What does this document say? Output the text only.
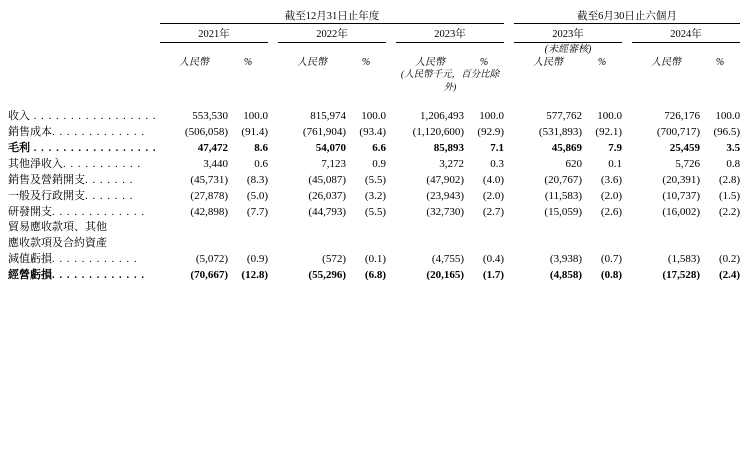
	截至12月31日止年度									截至6月30日止六個月				

	2021年			2022年			2023年			2023年			2024年	
										(未經審核)				
	人民幣	%		人民幣	%		人民幣	%		人民幣	%		人民幣	%
							(人民幣千元，百分比除外)							

收入 . . . . . . . . . . . . . . . . .	553,530	100.0		815,974	100.0		1,206,493	100.0		577,762	100.0		726,176	100.0
銷售成本. . . . . . . . . . . . .	(506,058)	(91.4)		(761,904)	(93.4)		(1,120,600)	(92.9)		(531,893)	(92.1)		(700,717)	(96.5)
毛利 . . . . . . . . . . . . . . . . .	47,472	8.6		54,070	6.6		85,893	7.1		45,869	7.9		25,459	3.5
其他淨收入. . . . . . . . . . .	3,440	0.6		7,123	0.9		3,272	0.3		620	0.1		5,726	0.8
銷售及營銷開支. . . . . . .	(45,731)	(8.3)		(45,087)	(5.5)		(47,902)	(4.0)		(20,767)	(3.6)		(20,391)	(2.8)
一般及行政開支. . . . . . .	(27,878)	(5.0)		(26,037)	(3.2)		(23,943)	(2.0)		(11,583)	(2.0)		(10,737)	(1.5)
研發開支. . . . . . . . . . . . .	(42,898)	(7.7)		(44,793)	(5.5)		(32,730)	(2.7)		(15,059)	(2.6)		(16,002)	(2.2)
貿易應收款項、其他														
應收款項及合約資產														
減值虧損. . . . . . . . . . . .	(5,072)	(0.9)		(572)	(0.1)		(4,755)	(0.4)		(3,938)	(0.7)		(1,583)	(0.2)
經營虧損. . . . . . . . . . . . .	(70,667)	(12.8)		(55,296)	(6.8)		(20,165)	(1.7)		(4,858)	(0.8)		(17,528)	(2.4)
